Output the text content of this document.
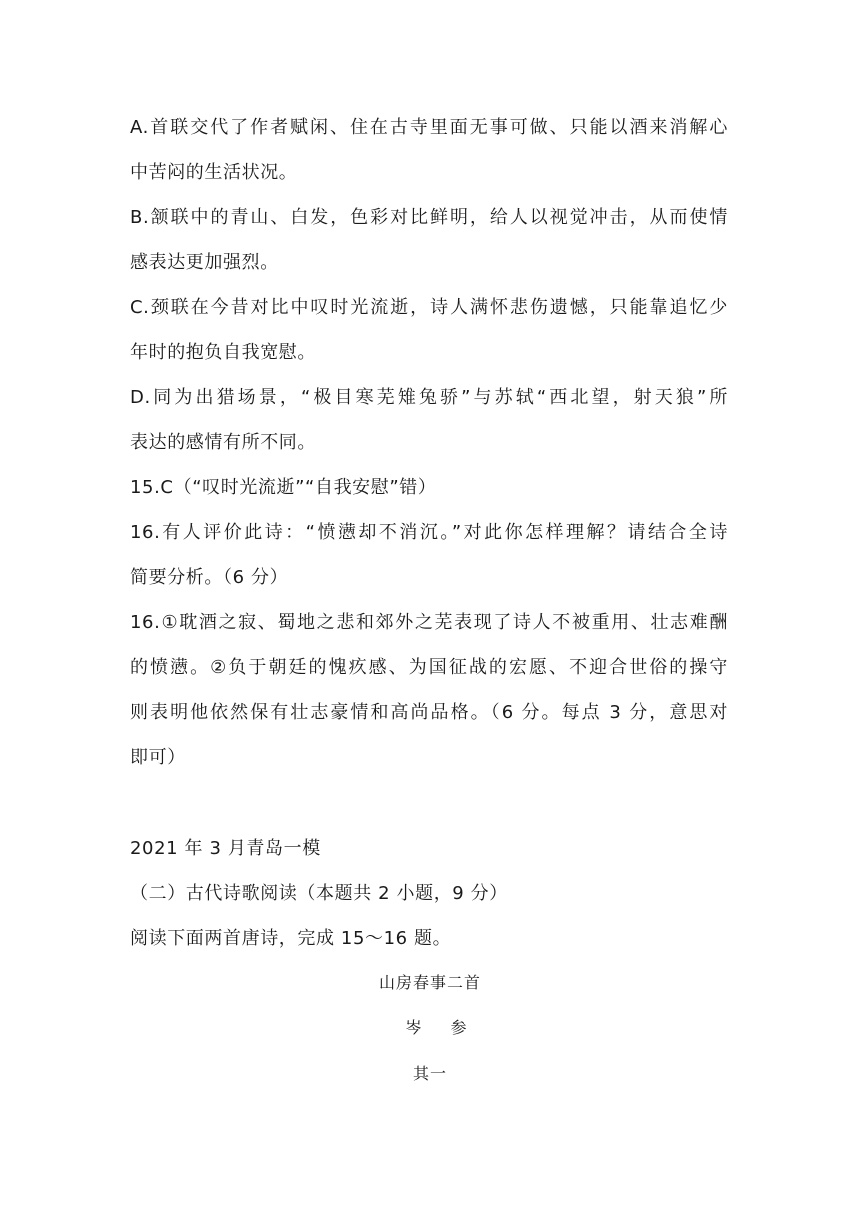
A.首联交代了作者赋闲、住在古寺里面无事可做、只能以酒来消解心
中苦闷的生活状况。
B.颔联中的青山、白发，色彩对比鲜明，给人以视觉冲击，从而使情
感表达更加强烈。
C.颈联在今昔对比中叹时光流逝，诗人满怀悲伤遗憾，只能靠追忆少
年时的抱负自我宽慰。
D.同为出猎场景，“极目寒芜雉兔骄”与苏轼“西北望，射天狼”所
表达的感情有所不同。
15.C（“叹时光流逝”“自我安慰”错）
16.有人评价此诗：“愤懑却不消沉。”对此你怎样理解？请结合全诗
简要分析。（6 分）
16.①耽酒之寂、蜀地之悲和郊外之芜表现了诗人不被重用、壮志难酬
的愤懑。②负于朝廷的愧疚感、为国征战的宏愿、不迎合世俗的操守
则表明他依然保有壮志豪情和高尚品格。（6 分。每点 3 分，意思对
即可）
2021 年 3 月青岛一模
（二）古代诗歌阅读（本题共 2 小题，9 分）
阅读下面两首唐诗，完成 15～16 题。
山房春事二首
岑 参
其一
